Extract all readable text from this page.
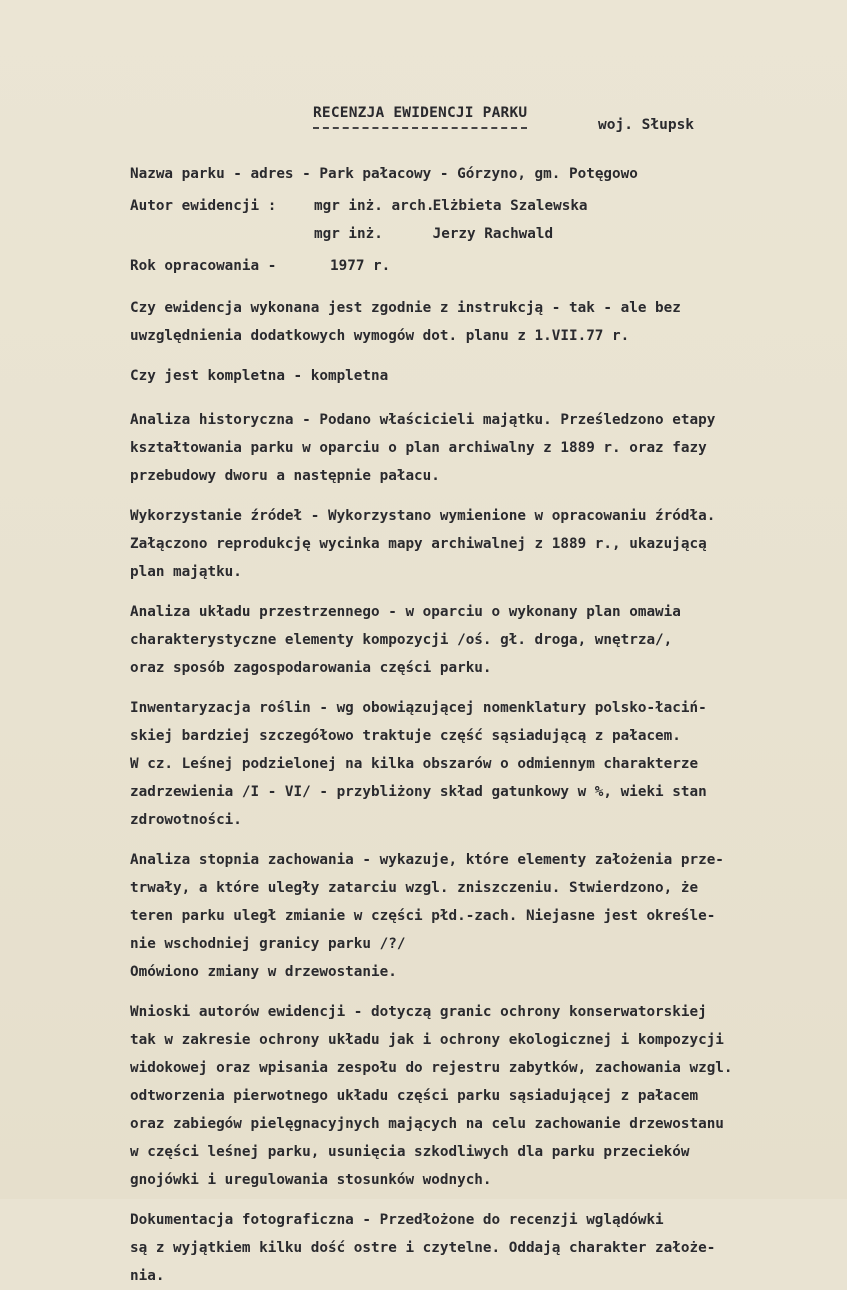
RECENZJA EWIDENCJI PARKU
woj. Słupsk
Nazwa parku - adres - Park pałacowy - Górzyno, gm. Potęgowo
Autor ewidencji :	mgr inż. arch. Elżbieta Szalewska
mgr inż.	Jerzy Rachwald
Rok opracowania -	1977 r.
Czy ewidencja wykonana jest zgodnie z instrukcją - tak - ale bez
uwzględnienia dodatkowych wymogów dot. planu z 1.VII.77 r.
Czy jest kompletna - kompletna
Analiza historyczna - Podano właścicieli majątku. Prześledzono etapy
kształtowania parku w oparciu o plan archiwalny z 1889 r. oraz fazy
przebudowy dworu a następnie pałacu.
Wykorzystanie źródeł - Wykorzystano wymienione w opracowaniu źródła.
Załączono reprodukcję wycinka mapy archiwalnej z 1889 r., ukazującą
plan majątku.
Analiza układu przestrzennego - w oparciu o wykonany plan omawia
charakterystyczne elementy kompozycji /oś. gł. droga, wnętrza/,
oraz sposób zagospodarowania części parku.
Inwentaryzacja roślin - wg obowiązującej nomenklatury polsko-łaciń-
skiej bardziej szczegółowo traktuje część sąsiadującą z pałacem.
W cz. Leśnej podzielonej na kilka obszarów o odmiennym charakterze
zadrzewienia /I - VI/ - przybliżony skład gatunkowy w %, wieki stan
zdrowotności.
Analiza stopnia zachowania - wykazuje, które elementy założenia prze-
trwały, a które uległy zatarciu wzgl. zniszczeniu. Stwierdzono, że
teren parku uległ zmianie w części płd.-zach. Niejasne jest określe-
nie wschodniej granicy parku /?/
Omówiono zmiany w drzewostanie.
Wnioski autorów ewidencji - dotyczą granic ochrony konserwatorskiej
tak w zakresie ochrony układu jak i ochrony ekologicznej i kompozycji
widokowej oraz wpisania zespołu do rejestru zabytków, zachowania wzgl.
odtworzenia pierwotnego układu części parku sąsiadującej z pałacem
oraz zabiegów pielęgnacyjnych mających na celu zachowanie drzewostanu
w części leśnej parku, usunięcia szkodliwych dla parku przecieków
gnojówki i uregulowania stosunków wodnych.
Dokumentacja fotograficzna - Przedłożone do recenzji wglądówki
są z wyjątkiem kilku dość ostre i czytelne. Oddają charakter założe-
nia.
